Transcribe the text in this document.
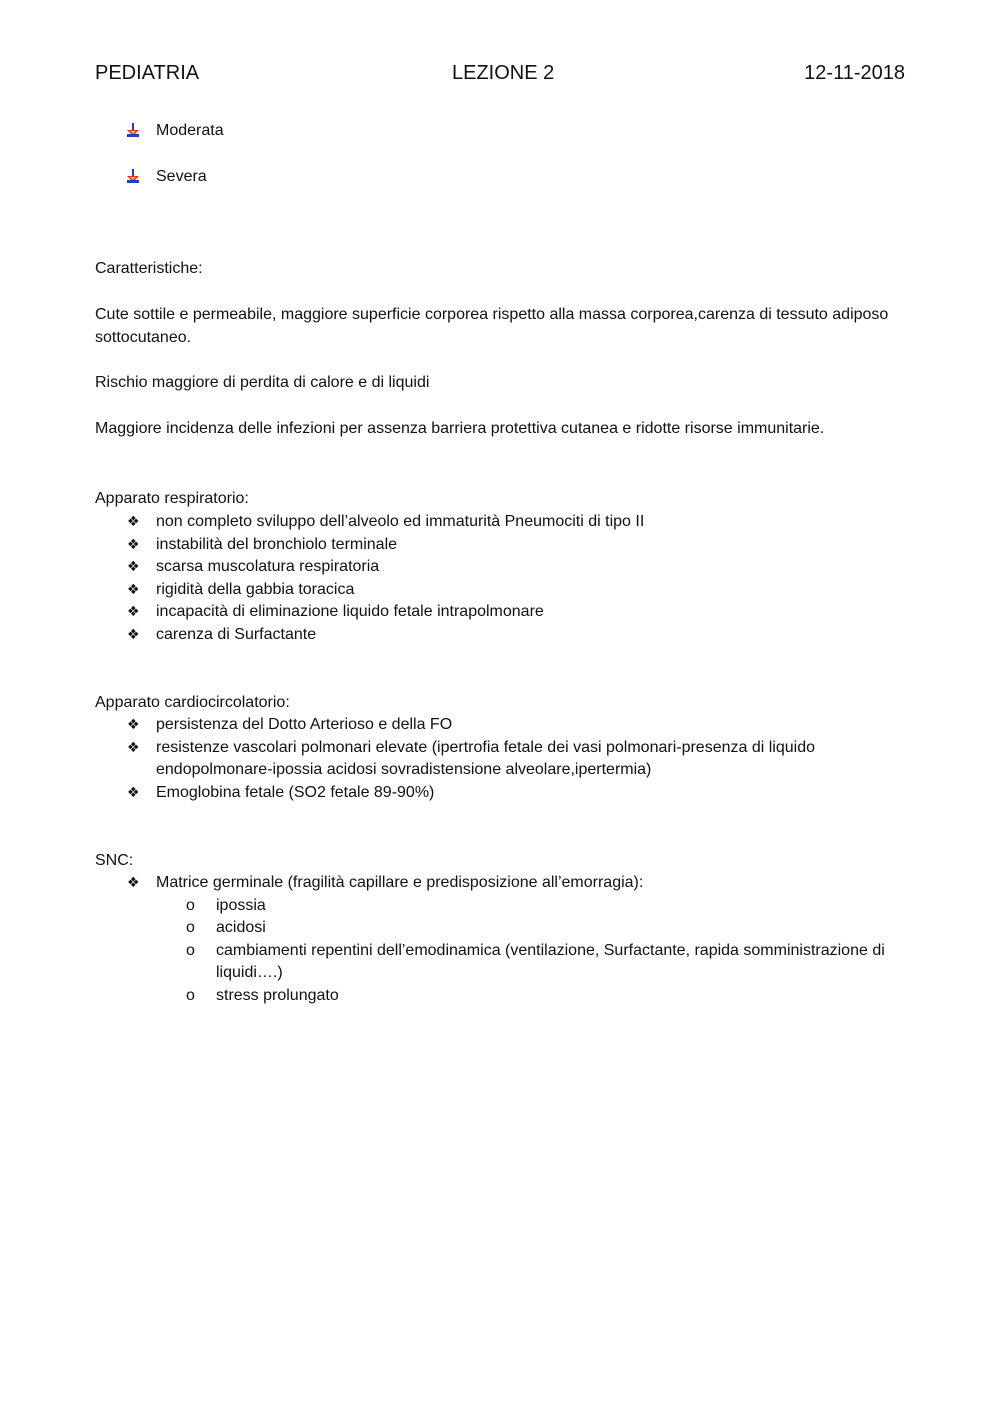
PEDIATRIA	LEZIONE 2	12-11-2018
Moderata
Severa

Caratteristiche:

Cute sottile e permeabile, maggiore superficie corporea rispetto alla massa corporea,carenza di tessuto adiposo sottocutaneo.

Rischio maggiore di perdita di calore e di liquidi

Maggiore incidenza delle infezioni per assenza barriera protettiva cutanea e ridotte risorse immunitarie.

Apparato respiratorio:
❖ non completo sviluppo dell’alveolo ed immaturità Pneumociti di tipo II
❖ instabilità del bronchiolo terminale
❖ scarsa muscolatura respiratoria
❖ rigidità della gabbia toracica
❖ incapacità di eliminazione liquido fetale intrapolmonare
❖ carenza di Surfactante
Apparato cardiocircolatorio:
❖ persistenza del Dotto Arterioso e della FO
❖ resistenze vascolari polmonari elevate (ipertrofia fetale dei vasi polmonari-presenza di liquido endopolmonare-ipossia acidosi sovradistensione alveolare,ipertermia)
❖ Emoglobina fetale (SO2 fetale 89-90%)
SNC:
❖ Matrice germinale (fragilità capillare e predisposizione all’emorragia):
o ipossia
o acidosi
o cambiamenti repentini dell’emodinamica (ventilazione, Surfactante, rapida somministrazione di liquidi….)
o stress prolungato
